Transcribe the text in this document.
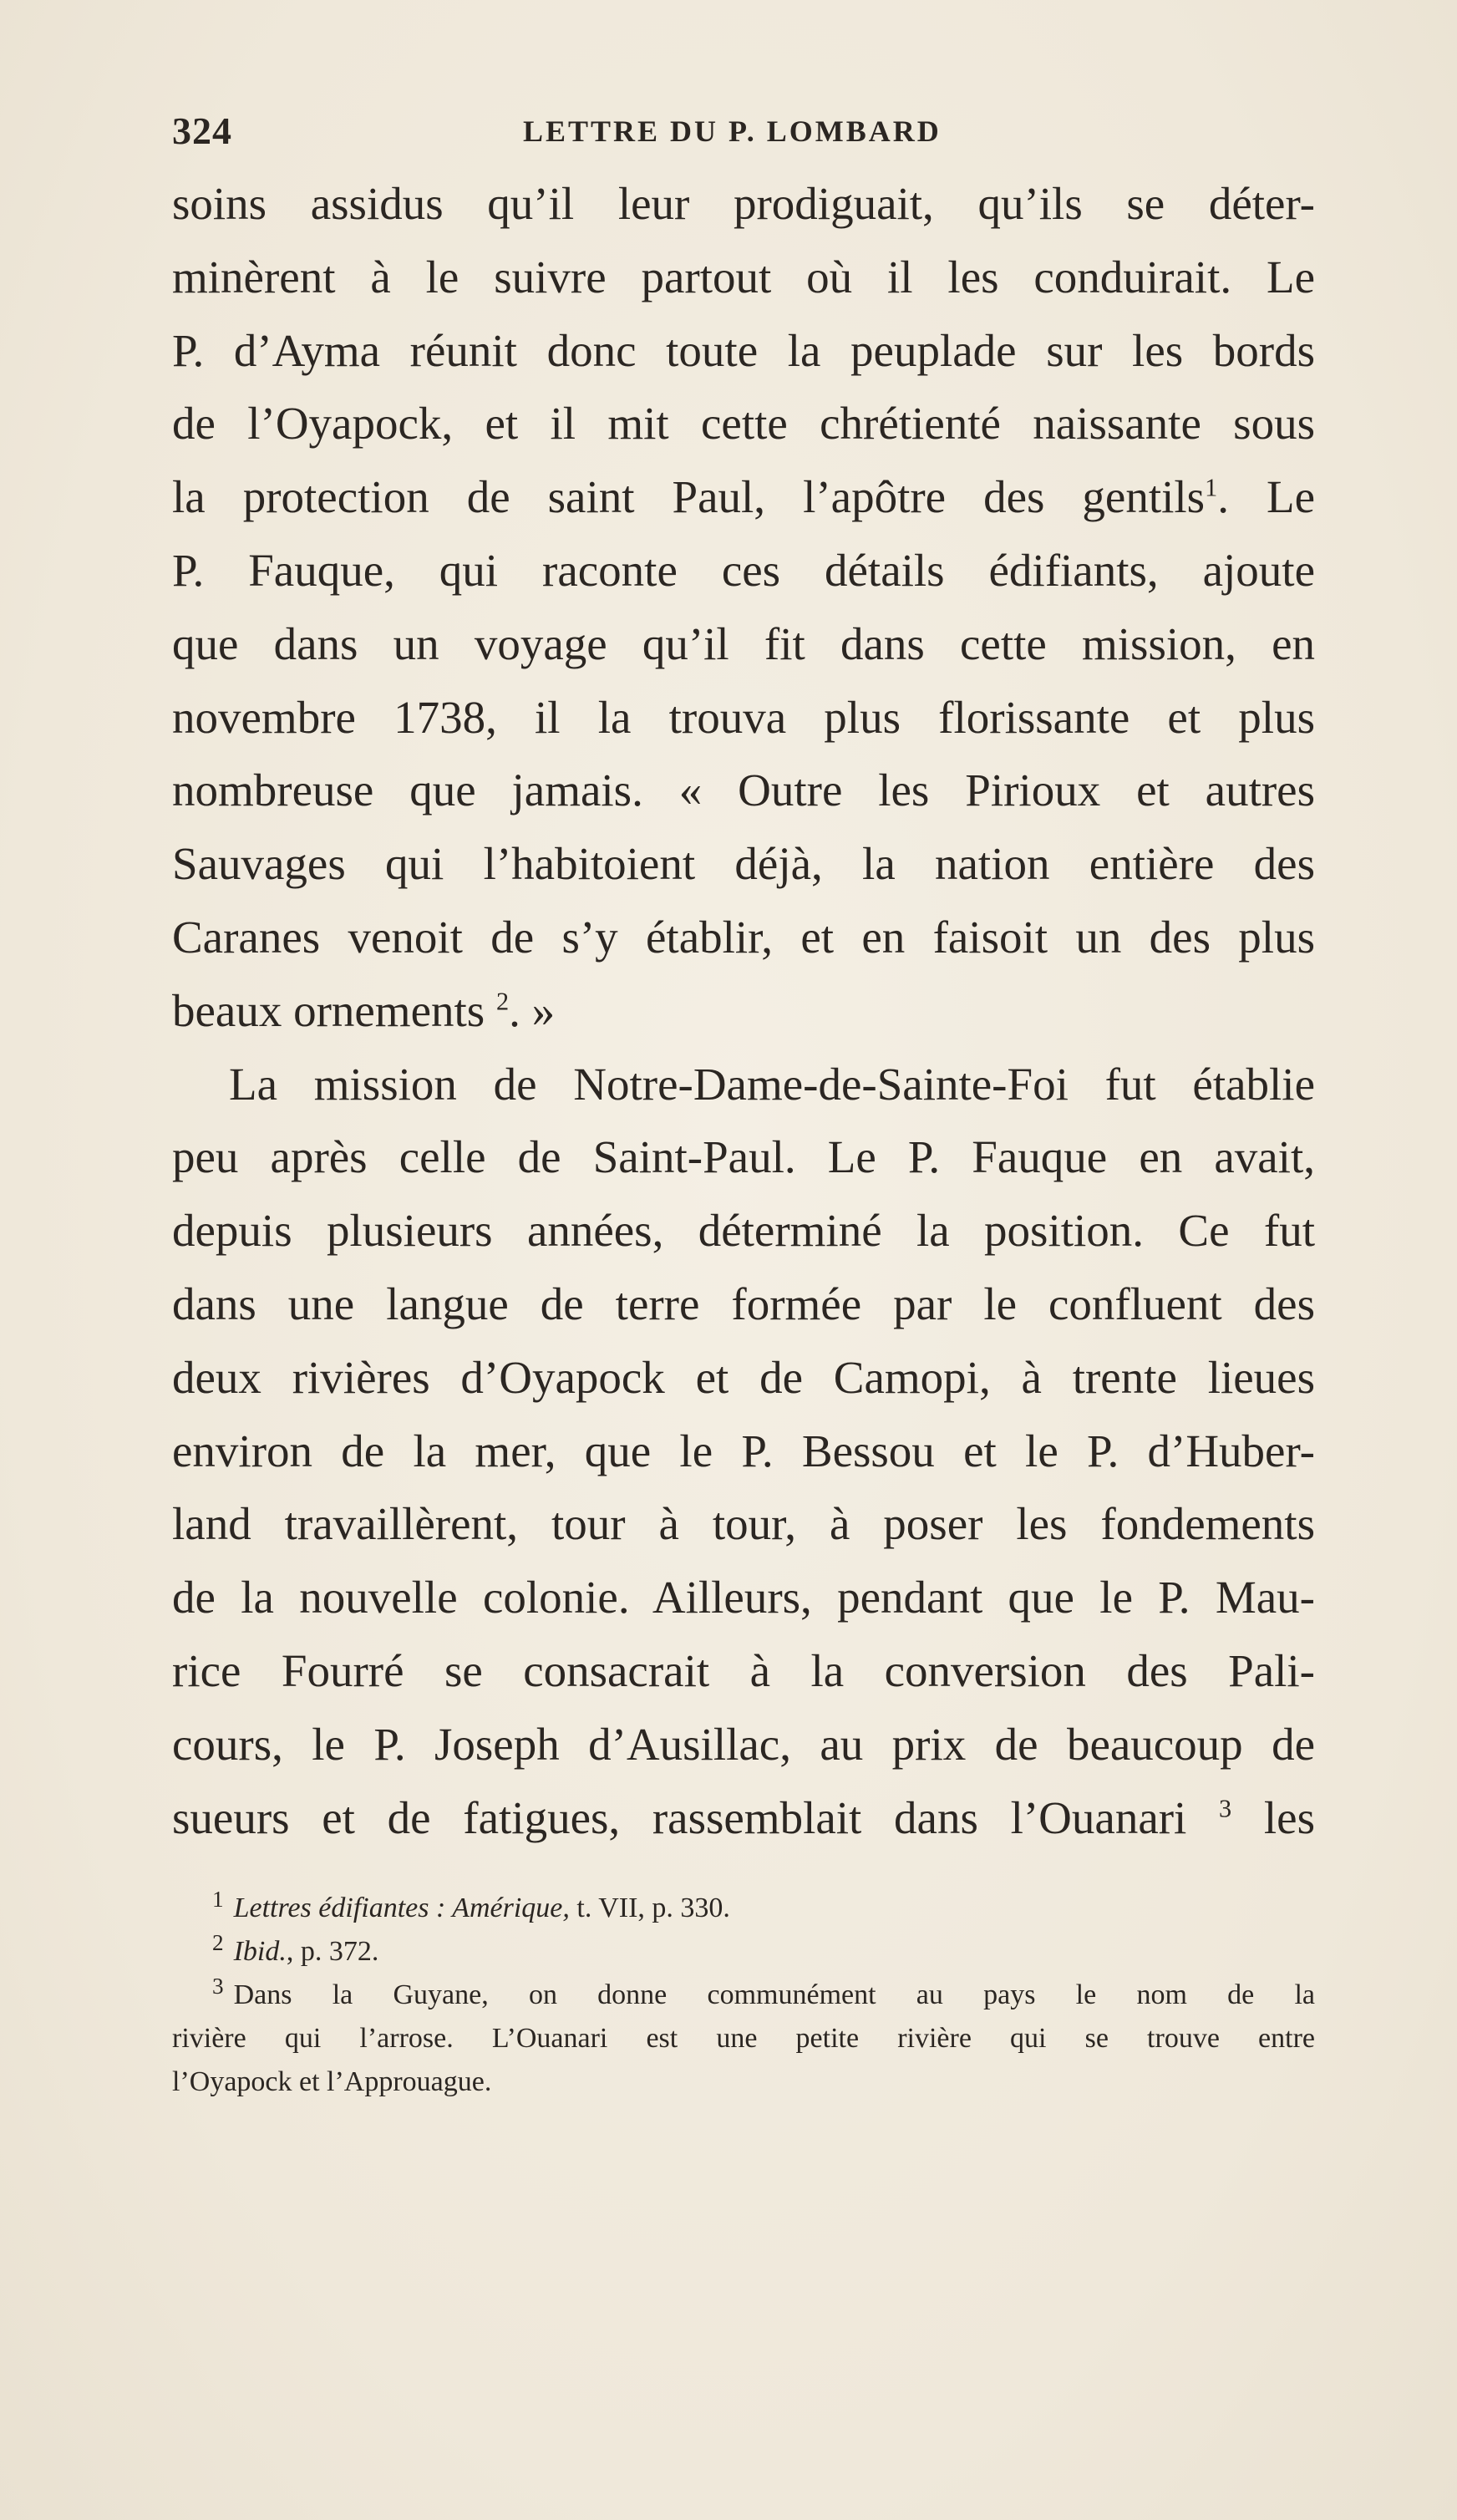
324	LETTRE DU P. LOMBARD
soins assidus qu’il leur prodiguait, qu’ils se déter-
minèrent à le suivre partout où il les conduirait. Le
P. d’Ayma réunit donc toute la peuplade sur les bords
de l’Oyapock, et il mit cette chrétienté naissante sous
la protection de saint Paul, l’apôtre des gentils$^1$. Le
P. Fauque, qui raconte ces détails édifiants, ajoute
que dans un voyage qu’il fit dans cette mission, en
novembre 1738, il la trouva plus florissante et plus
nombreuse que jamais. « Outre les Pirioux et autres
Sauvages qui l’habitoient déjà, la nation entière des
Caranes venoit de s’y établir, et en faisoit un des plus
beaux ornements $^2$. »
La mission de Notre-Dame-de-Sainte-Foi fut établie
peu après celle de Saint-Paul. Le P. Fauque en avait,
depuis plusieurs années, déterminé la position. Ce fut
dans une langue de terre formée par le confluent des
deux rivières d’Oyapock et de Camopi, à trente lieues
environ de la mer, que le P. Bessou et le P. d’Huber-
land travaillèrent, tour à tour, à poser les fondements
de la nouvelle colonie. Ailleurs, pendant que le P. Mau-
rice Fourré se consacrait à la conversion des Pali-
cours, le P. Joseph d’Ausillac, au prix de beaucoup de
sueurs et de fatigues, rassemblait dans l’Ouanari $^3$ les
$^1$ Lettres édifiantes : Amérique, t. VII, p. 330.
$^2$ Ibid., p. 372.
$^3$ Dans la Guyane, on donne communément au pays le nom de la
rivière qui l’arrose. L’Ouanari est une petite rivière qui se trouve entre
l’Oyapock et l’Approuague.
